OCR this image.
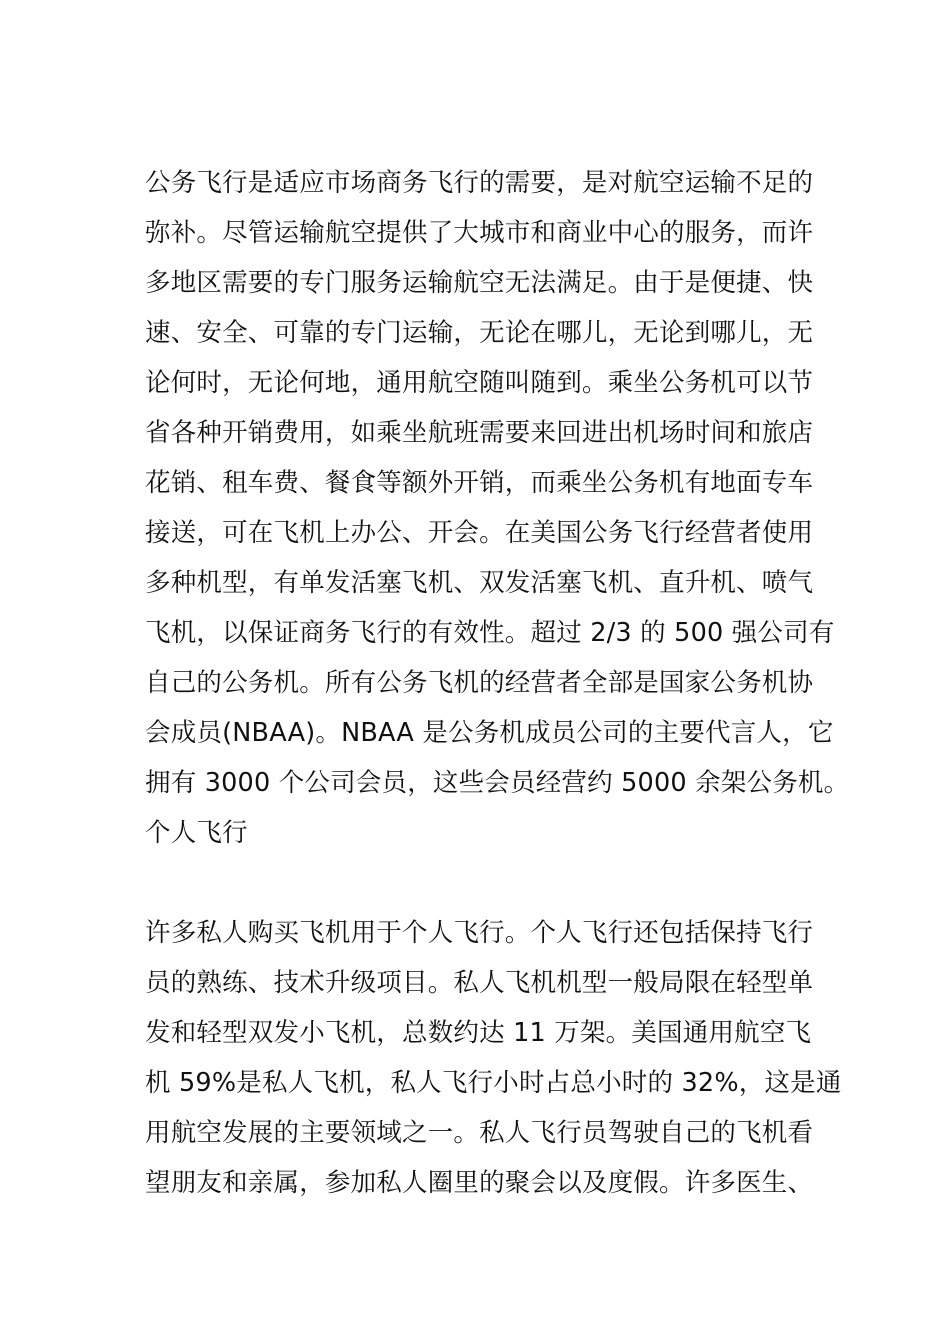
公务飞行是适应市场商务飞行的需要，是对航空运输不足的
弥补。尽管运输航空提供了大城市和商业中心的服务，而许
多地区需要的专门服务运输航空无法满足。由于是便捷、快
速、安全、可靠的专门运输，无论在哪儿，无论到哪儿，无
论何时，无论何地，通用航空随叫随到。乘坐公务机可以节
省各种开销费用，如乘坐航班需要来回进出机场时间和旅店
花销、租车费、餐食等额外开销，而乘坐公务机有地面专车
接送，可在飞机上办公、开会。在美国公务飞行经营者使用
多种机型，有单发活塞飞机、双发活塞飞机、直升机、喷气
飞机，以保证商务飞行的有效性。超过 2/3 的 500 强公司有
自己的公务机。所有公务飞机的经营者全部是国家公务机协
会成员(NBAA)。NBAA 是公务机成员公司的主要代言人，它
拥有 3000 个公司会员，这些会员经营约 5000 余架公务机。
个人飞行
许多私人购买飞机用于个人飞行。个人飞行还包括保持飞行
员的熟练、技术升级项目。私人飞机机型一般局限在轻型单
发和轻型双发小飞机，总数约达 11 万架。美国通用航空飞
机 59%是私人飞机，私人飞行小时占总小时的 32%，这是通
用航空发展的主要领域之一。私人飞行员驾驶自己的飞机看
望朋友和亲属，参加私人圈里的聚会以及度假。许多医生、
